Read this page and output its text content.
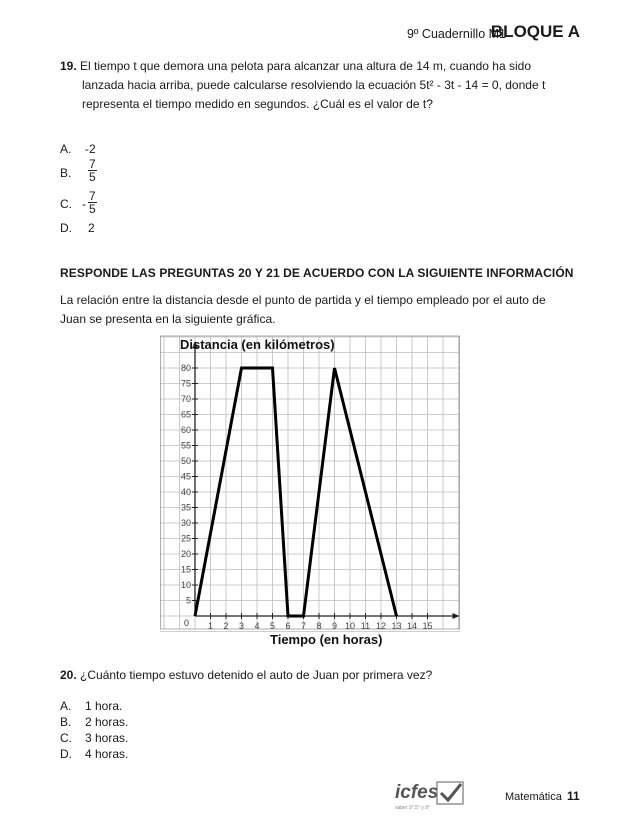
9º Cuadernillo M1
BLOQUE A
19. El tiempo t que demora una pelota para alcanzar una altura de 14 m, cuando ha sido
lanzada hacia arriba, puede calcularse resolviendo la ecuación 5t² - 3t - 14 = 0, donde t
representa el tiempo medido en segundos. ¿Cuál es el valor de t?
A. -2
B. $\frac{7}{5}$
C. - $\frac{7}{5}$
D. 2
RESPONDE LAS PREGUNTAS 20 Y 21 DE ACUERDO CON LA SIGUIENTE INFORMACIÓN
La relación entre la distancia desde el punto de partida y el tiempo empleado por el auto de
Juan se presenta en la siguiente gráfica.
1 2 3 4 5 6 7 8 9 10 11 12 13 14 15
5
10
15
20
25
30
35
40
45
50
55
60
65
70
75
80
Distancia (en kilómetros)
Tiempo (en horas)
0
20. ¿Cuánto tiempo estuvo detenido el auto de Juan por primera vez?
A. 1 hora.
B. 2 horas.
C. 3 horas.
D. 4 horas.
icfes
saber 3°,5° y 9°
Matemática 11
